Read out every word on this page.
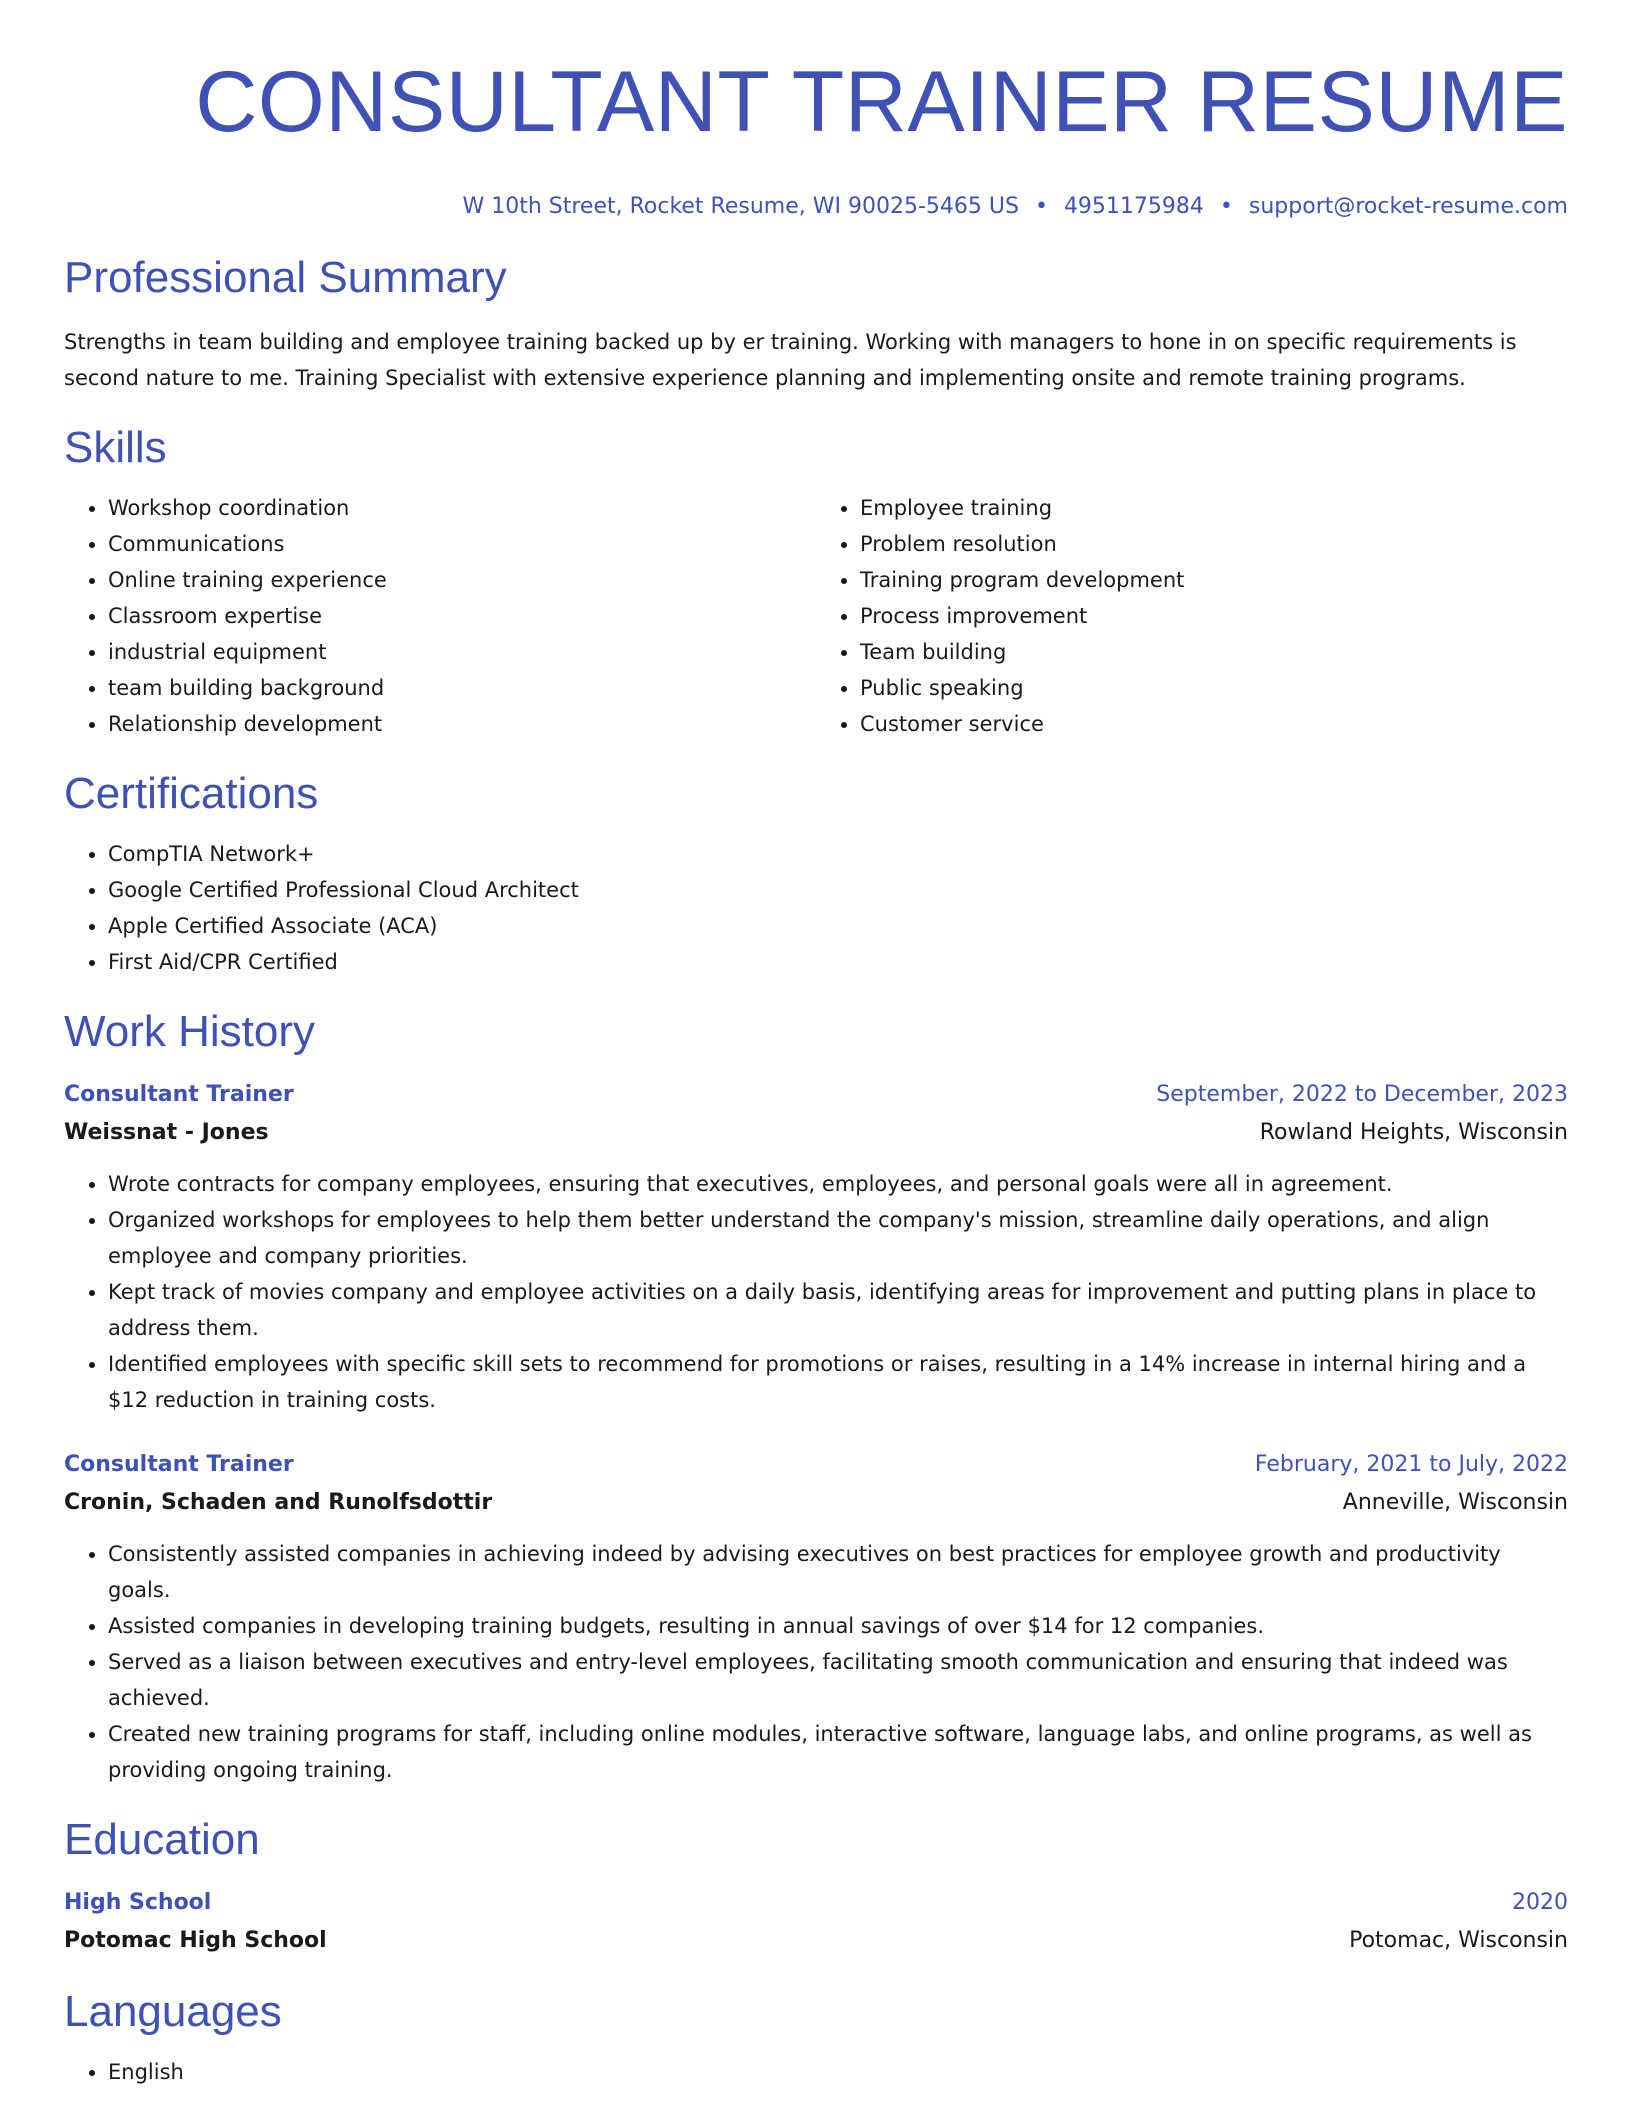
CONSULTANT TRAINER RESUME
W 10th Street, Rocket Resume, WI 90025-5465 US • 4951175984 • support@rocket-resume.com
Professional Summary
Strengths in team building and employee training backed up by er training. Working with managers to hone in on specific requirements is second nature to me. Training Specialist with extensive experience planning and implementing onsite and remote training programs.
Skills
• Workshop coordination
• Communications
• Online training experience
• Classroom expertise
• industrial equipment
• team building background
• Relationship development
• Employee training
• Problem resolution
• Training program development
• Process improvement
• Team building
• Public speaking
• Customer service
Certifications
• CompTIA Network+
• Google Certified Professional Cloud Architect
• Apple Certified Associate (ACA)
• First Aid/CPR Certified
Work History
Consultant Trainer	September, 2022 to December, 2023
Weissnat - Jones	Rowland Heights, Wisconsin
• Wrote contracts for company employees, ensuring that executives, employees, and personal goals were all in agreement.
• Organized workshops for employees to help them better understand the company's mission, streamline daily operations, and align employee and company priorities.
• Kept track of movies company and employee activities on a daily basis, identifying areas for improvement and putting plans in place to address them.
• Identified employees with specific skill sets to recommend for promotions or raises, resulting in a 14% increase in internal hiring and a $12 reduction in training costs.
Consultant Trainer	February, 2021 to July, 2022
Cronin, Schaden and Runolfsdottir	Anneville, Wisconsin
• Consistently assisted companies in achieving indeed by advising executives on best practices for employee growth and productivity goals.
• Assisted companies in developing training budgets, resulting in annual savings of over $14 for 12 companies.
• Served as a liaison between executives and entry-level employees, facilitating smooth communication and ensuring that indeed was achieved.
• Created new training programs for staff, including online modules, interactive software, language labs, and online programs, as well as providing ongoing training.
Education
High School	2020
Potomac High School	Potomac, Wisconsin
Languages
• English
